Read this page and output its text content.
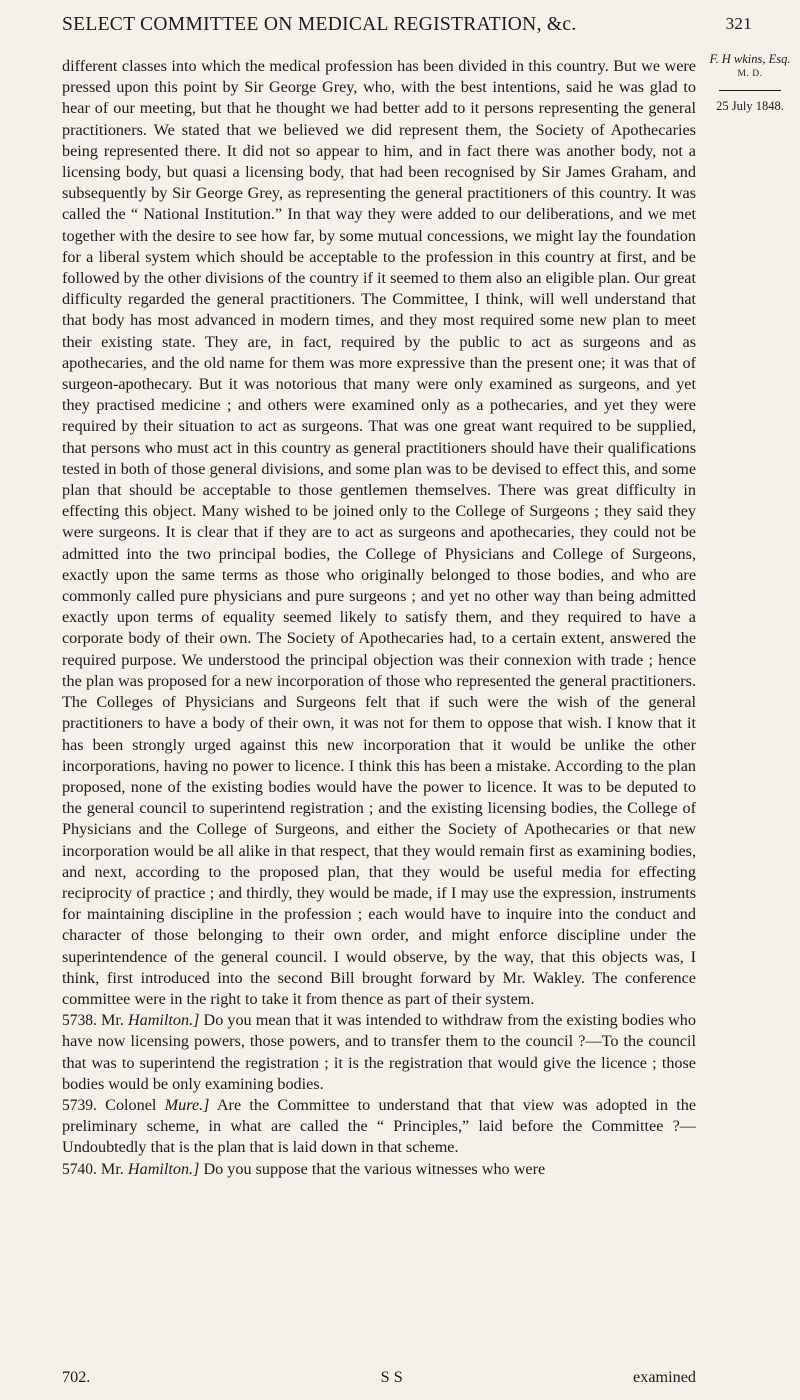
SELECT COMMITTEE ON MEDICAL REGISTRATION, &c.	321
F. H wkins, Esq.
M. D.
25 July 1848.

different classes into which the medical profession has been divided in this country. But we were pressed upon this point by Sir George Grey, who, with the best intentions, said he was glad to hear of our meeting, but that he thought we had better add to it persons representing the general practitioners. We stated that we believed we did represent them, the Society of Apothecaries being represented there. It did not so appear to him, and in fact there was another body, not a licensing body, but quasi a licensing body, that had been recognised by Sir James Graham, and subsequently by Sir George Grey, as representing the general practitioners of this country. It was called the “ National Institution.” In that way they were added to our deliberations, and we met together with the desire to see how far, by some mutual concessions, we might lay the foundation for a liberal system which should be acceptable to the profession in this country at first, and be followed by the other divisions of the country if it seemed to them also an eligible plan. Our great difficulty regarded the general practitioners. The Committee, I think, will well understand that that body has most advanced in modern times, and they most required some new plan to meet their existing state. They are, in fact, required by the public to act as surgeons and as apothecaries, and the old name for them was more expressive than the present one; it was that of surgeon-apothecary. But it was notorious that many were only examined as surgeons, and yet they practised medicine ; and others were examined only as a pothecaries, and yet they were required by their situation to act as surgeons. That was one great want required to be supplied, that persons who must act in this country as general practitioners should have their qualifications tested in both of those general divisions, and some plan was to be devised to effect this, and some plan that should be acceptable to those gentlemen themselves. There was great difficulty in effecting this object. Many wished to be joined only to the College of Surgeons ; they said they were surgeons. It is clear that if they are to act as surgeons and apothecaries, they could not be admitted into the two principal bodies, the College of Physicians and College of Surgeons, exactly upon the same terms as those who originally belonged to those bodies, and who are commonly called pure physicians and pure surgeons ; and yet no other way than being admitted exactly upon terms of equality seemed likely to satisfy them, and they required to have a corporate body of their own. The Society of Apothecaries had, to a certain extent, answered the required purpose. We understood the principal objection was their connexion with trade ; hence the plan was proposed for a new incorporation of those who represented the general practitioners. The Colleges of Physicians and Surgeons felt that if such were the wish of the general practitioners to have a body of their own, it was not for them to oppose that wish. I know that it has been strongly urged against this new incorporation that it would be unlike the other incorporations, having no power to licence. I think this has been a mistake. According to the plan proposed, none of the existing bodies would have the power to licence. It was to be deputed to the general council to superintend registration ; and the existing licensing bodies, the College of Physicians and the College of Surgeons, and either the Society of Apothecaries or that new incorporation would be all alike in that respect, that they would remain first as examining bodies, and next, according to the proposed plan, that they would be useful media for effecting reciprocity of practice ; and thirdly, they would be made, if I may use the expression, instruments for maintaining discipline in the profession ; each would have to inquire into the conduct and character of those belonging to their own order, and might enforce discipline under the superintendence of the general council. I would observe, by the way, that this objects was, I think, first introduced into the second Bill brought forward by Mr. Wakley. The conference committee were in the right to take it from thence as part of their system.

5738. Mr. Hamilton.] Do you mean that it was intended to withdraw from the existing bodies who have now licensing powers, those powers, and to transfer them to the council ?—To the council that was to superintend the registration ; it is the registration that would give the licence ; those bodies would be only examining bodies.

5739. Colonel Mure.] Are the Committee to understand that that view was adopted in the preliminary scheme, in what are called the “ Principles,” laid before the Committee ?—Undoubtedly that is the plan that is laid down in that scheme.

5740. Mr. Hamilton.] Do you suppose that the various witnesses who were

702.	S S	examined
